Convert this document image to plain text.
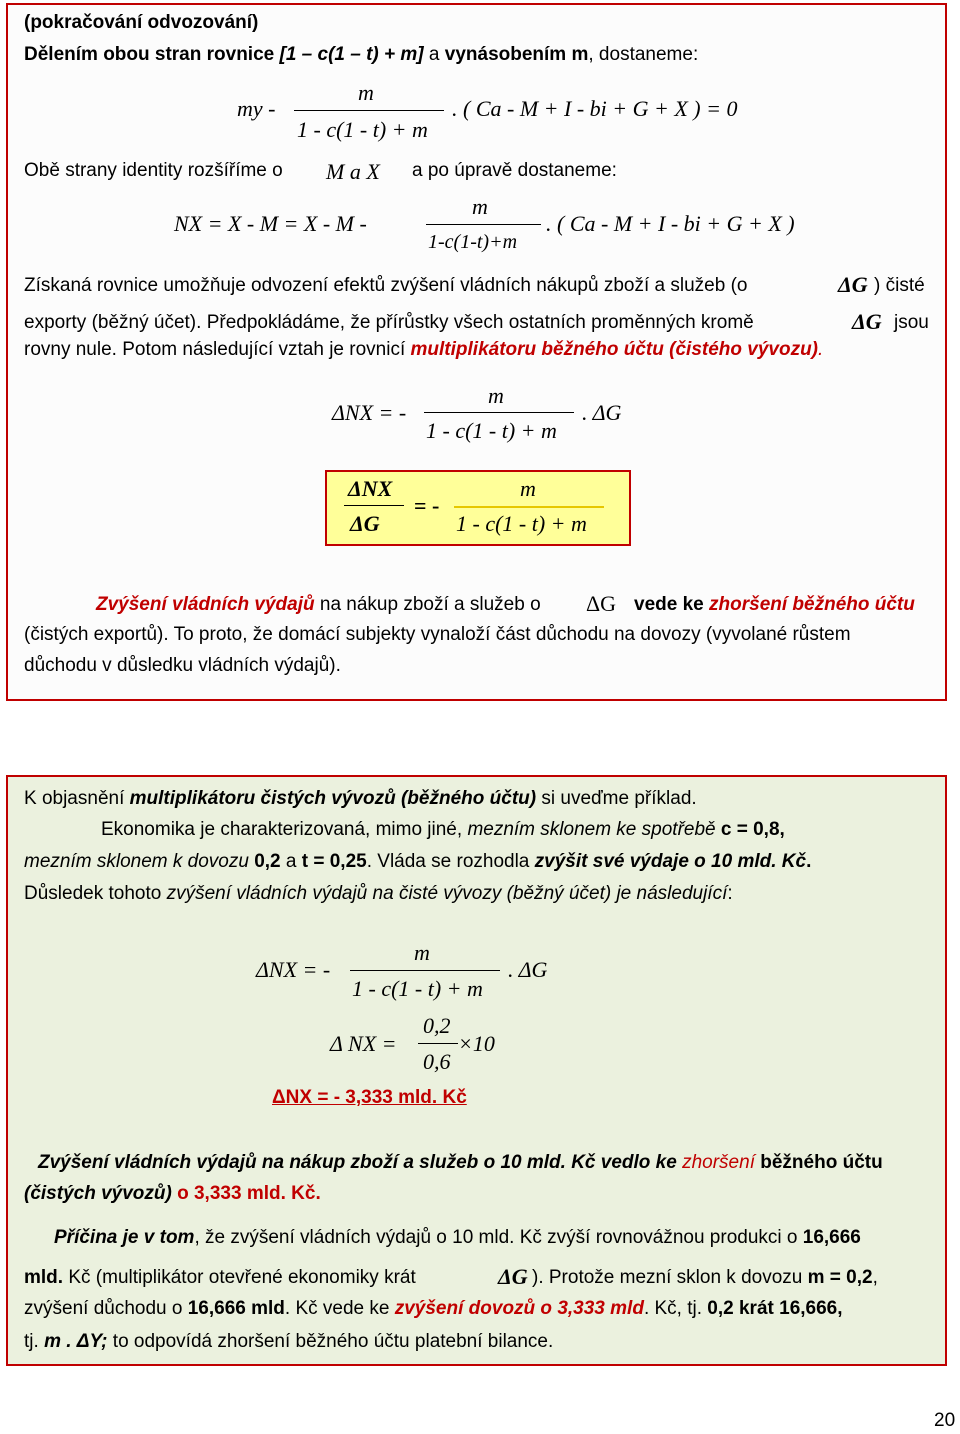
(pokračování odvozování)
Dělením obou stran rovnice [1 – c(1 – t) + m] a vynásobením m, dostaneme:
my -
m
1 - c(1 - t) + m
. ( Ca - M + I - bi + G + X ) = 0
Obě strany identity rozšíříme o M a X a po úpravě dostaneme:
NX = X - M = X - M -
m
1-c(1-t)+m
. ( Ca - M + I - bi + G + X )
Získaná rovnice umožňuje odvození efektů zvýšení vládních nákupů zboží a služeb (o	ΔG ) čisté
exporty (běžný účet). Předpokládáme, že přírůstky všech ostatních proměnných kromě	ΔG jsou
rovny nule. Potom následující vztah je rovnicí multiplikátoru běžného účtu (čistého vývozu).
ΔNX = -
m
1 - c(1 - t) + m
. ΔG
ΔNX
ΔG
= -
m
1 - c(1 - t) + m
Zvýšení vládních výdajů na nákup zboží a služeb o ΔG vede ke zhoršení běžného účtu
(čistých exportů). To proto, že domácí subjekty vynaloží část důchodu na dovozy (vyvolané růstem
důchodu v důsledku vládních výdajů).
K objasnění multiplikátoru čistých vývozů (běžného účtu) si uveďme příklad.
Ekonomika je charakterizovaná, mimo jiné, mezním sklonem ke spotřebě c = 0,8,
mezním sklonem k dovozu 0,2 a t = 0,25. Vláda se rozhodla zvýšit své výdaje o 10 mld. Kč.
Důsledek tohoto zvýšení vládních výdajů na čisté vývozy (běžný účet) je následující:
ΔNX = -
m
1 - c(1 - t) + m
. ΔG
Δ NX =
0,2
0,6
×10
ΔNX = - 3,333 mld. Kč
Zvýšení vládních výdajů na nákup zboží a služeb o 10 mld. Kč vedlo ke zhoršení běžného účtu
(čistých vývozů) o 3,333 mld. Kč.
Příčina je v tom, že zvýšení vládních výdajů o 10 mld. Kč zvýší rovnovážnou produkci o 16,666
mld. Kč (multiplikátor otevřené ekonomiky krát	ΔG ). Protože mezní sklon k dovozu m = 0,2,
zvýšení důchodu o 16,666 mld. Kč vede ke zvýšení dovozů o 3,333 mld. Kč, tj. 0,2 krát 16,666,
tj. m . ΔY; to odpovídá zhoršení běžného účtu platební bilance.
20
